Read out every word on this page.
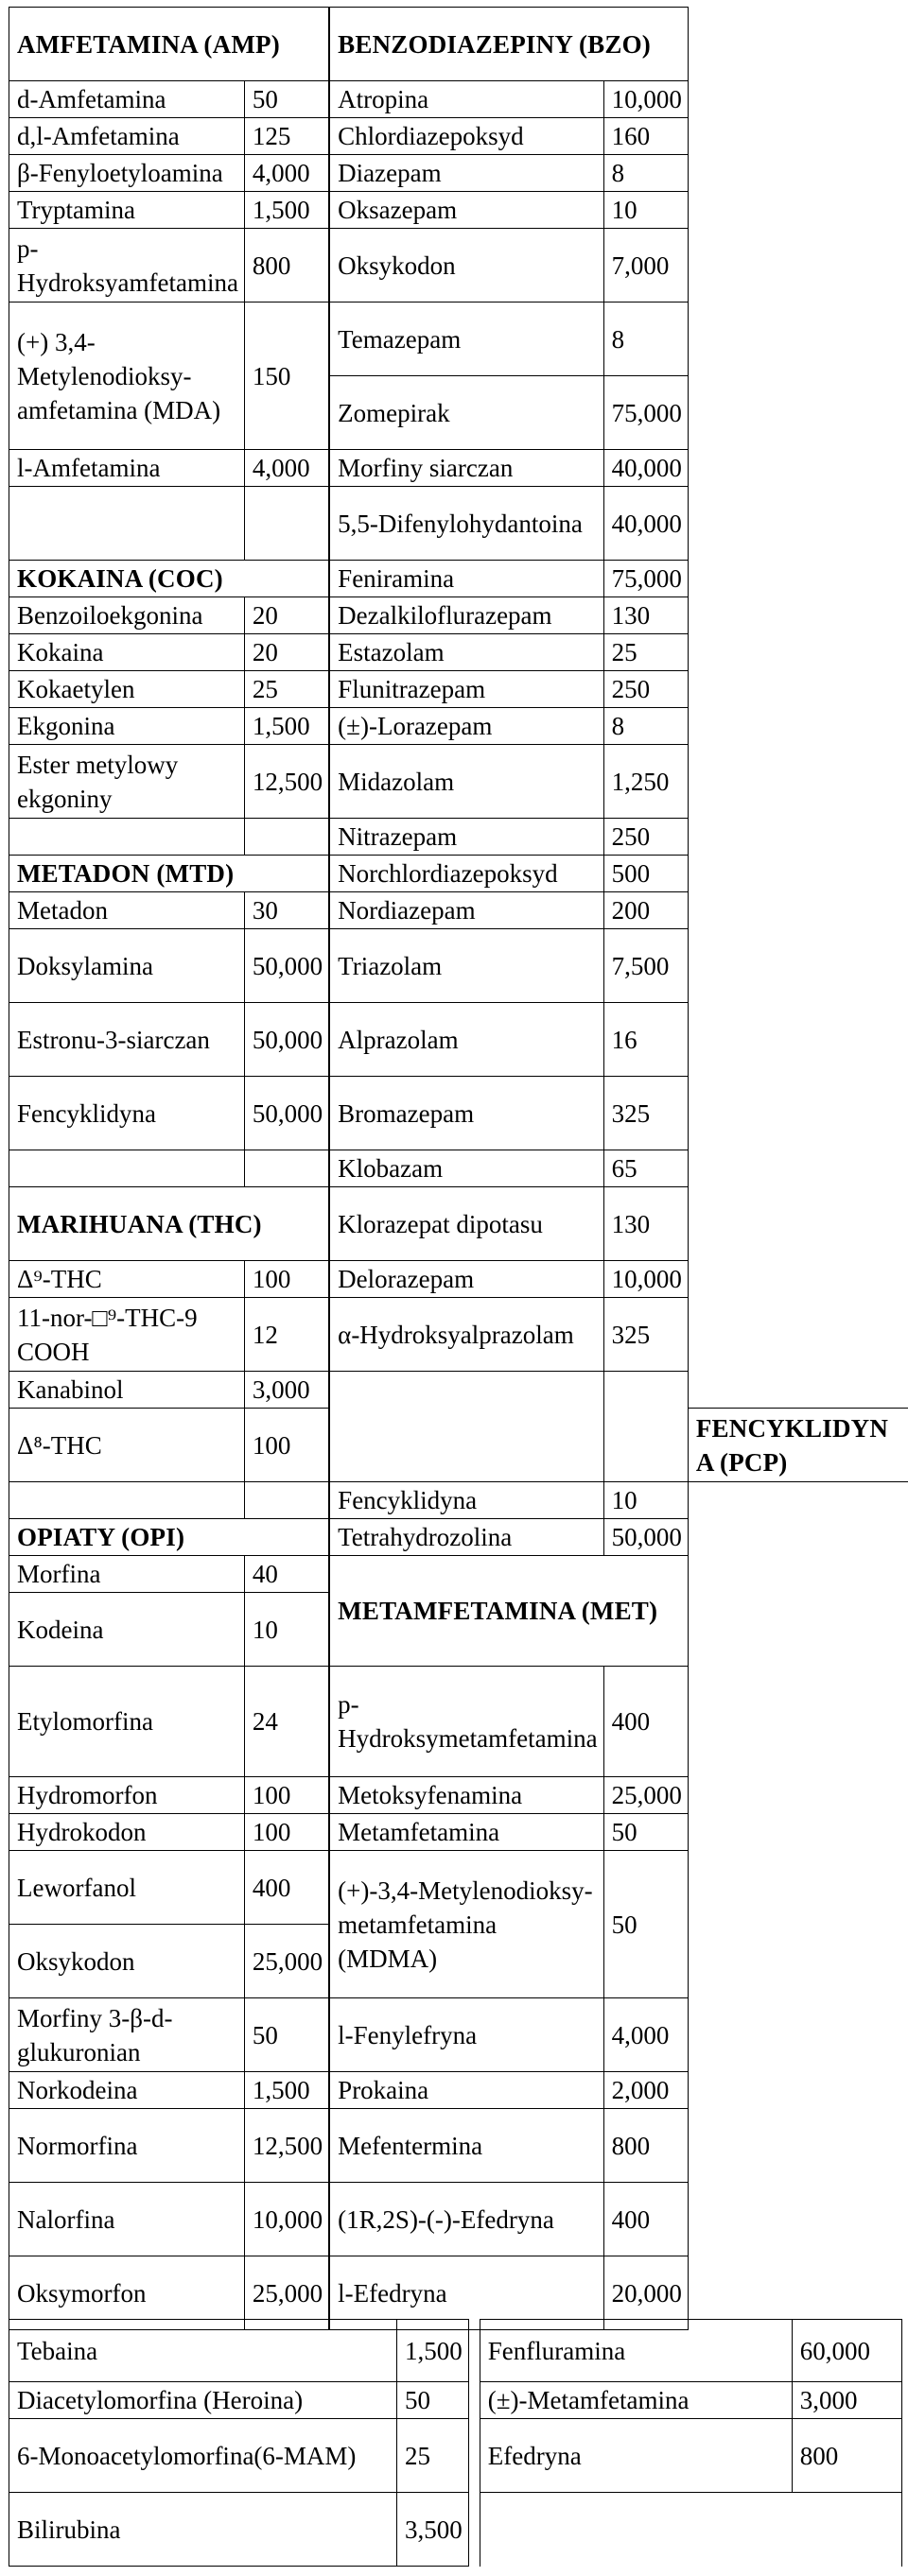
AMFETAMINA (AMP)		BENZODIAZEPINY (BZO)		
d-Amfetamina	50		Atropina	10,000	
d,l-Amfetamina	125		Chlordiazepoksyd	160	
β-Fenyloetyloamina	4,000		Diazepam	8	
Tryptamina	1,500		Oksazepam	10	
p-Hydroksyamfetamina	800		Oksykodon	7,000	
(+) 3,4-Metylenodioksy-amfetamina (MDA)	150		Temazepam	8	
		Zomepirak	75,000	
l-Amfetamina	4,000		Morfiny siarczan	40,000	
			5,5-Difenylohydantoina	40,000	
KOKAINA (COC)		Feniramina	75,000	
Benzoiloekgonina	20		Dezalkiloflurazepam	130	
Kokaina	20		Estazolam	25	
Kokaetylen	25		Flunitrazepam	250	
Ekgonina	1,500		(±)-Lorazepam	8	
Ester metylowy ekgoniny	12,500		Midazolam	1,250	
			Nitrazepam	250	
METADON (MTD)		Norchlordiazepoksyd	500	
Metadon	30		Nordiazepam	200	
Doksylamina	50,000		Triazolam	7,500	
Estronu-3-siarczan	50,000		Alprazolam	16	
Fencyklidyna	50,000		Bromazepam	325	
			Klobazam	65	
MARIHUANA (THC)		Klorazepat dipotasu	130	
Δ⁹-THC	100		Delorazepam	10,000	
11-nor-□⁹-THC-9 COOH	12		α-Hydroksyalprazolam	325	
Kanabinol	3,000			
Δ⁸-THC	100			FENCYKLIDYNA (PCP)
			Fencyklidyna	10	
OPIATY (OPI)		Tetrahydrozolina	50,000	
Morfina	40		METAMFETAMINA (MET)		
Kodeina	10			
Etylomorfina	24		p-Hydroksymetamfetamina	400	
Hydromorfon	100		Metoksyfenamina	25,000	
Hydrokodon	100		Metamfetamina	50	
Leworfanol	400		(+)-3,4-Metylenodioksy-metamfetamina (MDMA)	50	
Oksykodon	25,000			
Morfiny 3-β-d-glukuronian	50		l-Fenylefryna	4,000	
Norkodeina	1,500		Prokaina	2,000	
Normorfina	12,500		Mefentermina	800	
Nalorfina	10,000		(1R,2S)-(-)-Efedryna	400	
Oksymorfon	25,000		l-Efedryna	20,000	
Tebaina	1,500		Fenfluramina	60,000
Diacetylomorfina (Heroina)	50		(±)-Metamfetamina	3,000
6-Monoacetylomorfina(6-MAM)	25		Efedryna	800
Bilirubina	3,500			
